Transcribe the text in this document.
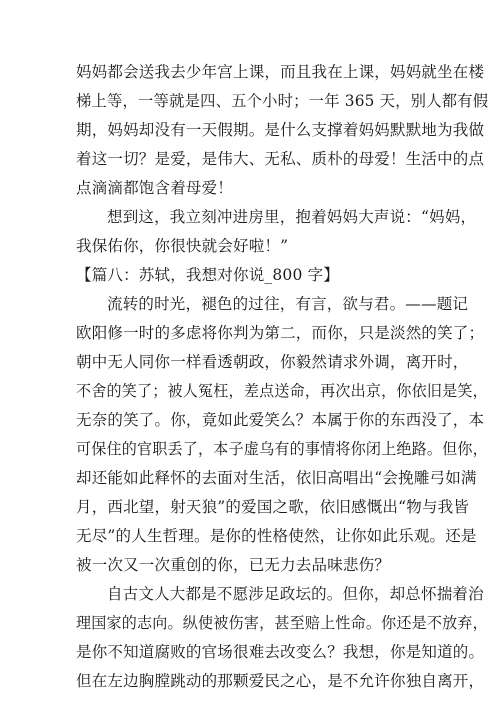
妈妈都会送我去少年宫上课，而且我在上课，妈妈就坐在楼
梯上等，一等就是四、五个小时；一年 365 天，别人都有假
期，妈妈却没有一天假期。是什么支撑着妈妈默默地为我做
着这一切？是爱，是伟大、无私、质朴的母爱！生活中的点
点滴滴都饱含着母爱！
想到这，我立刻冲进房里，抱着妈妈大声说：“妈妈，
我保佑你，你很快就会好啦！”
【篇八：苏轼，我想对你说_800 字】
流转的时光，褪色的过往，有言，欲与君。——题记
欧阳修一时的多虑将你判为第二，而你，只是淡然的笑了；
朝中无人同你一样看透朝政，你毅然请求外调，离开时，
不舍的笑了；被人冤枉，差点送命，再次出京，你依旧是笑，
无奈的笑了。你，竟如此爱笑么？本属于你的东西没了，本
可保住的官职丢了，本子虚乌有的事情将你闭上绝路。但你，
却还能如此释怀的去面对生活，依旧高唱出“会挽雕弓如满
月，西北望，射天狼”的爱国之歌，依旧感慨出“物与我皆
无尽”的人生哲理。是你的性格使然，让你如此乐观。还是
被一次又一次重创的你，已无力去品味悲伤？
自古文人大都是不愿涉足政坛的。但你，却总怀揣着治
理国家的志向。纵使被伤害，甚至赔上性命。你还是不放弃，
是你不知道腐败的官场很难去改变么？我想，你是知道的。
但在左边胸膛跳动的那颗爱民之心，是不允许你独自离开，
